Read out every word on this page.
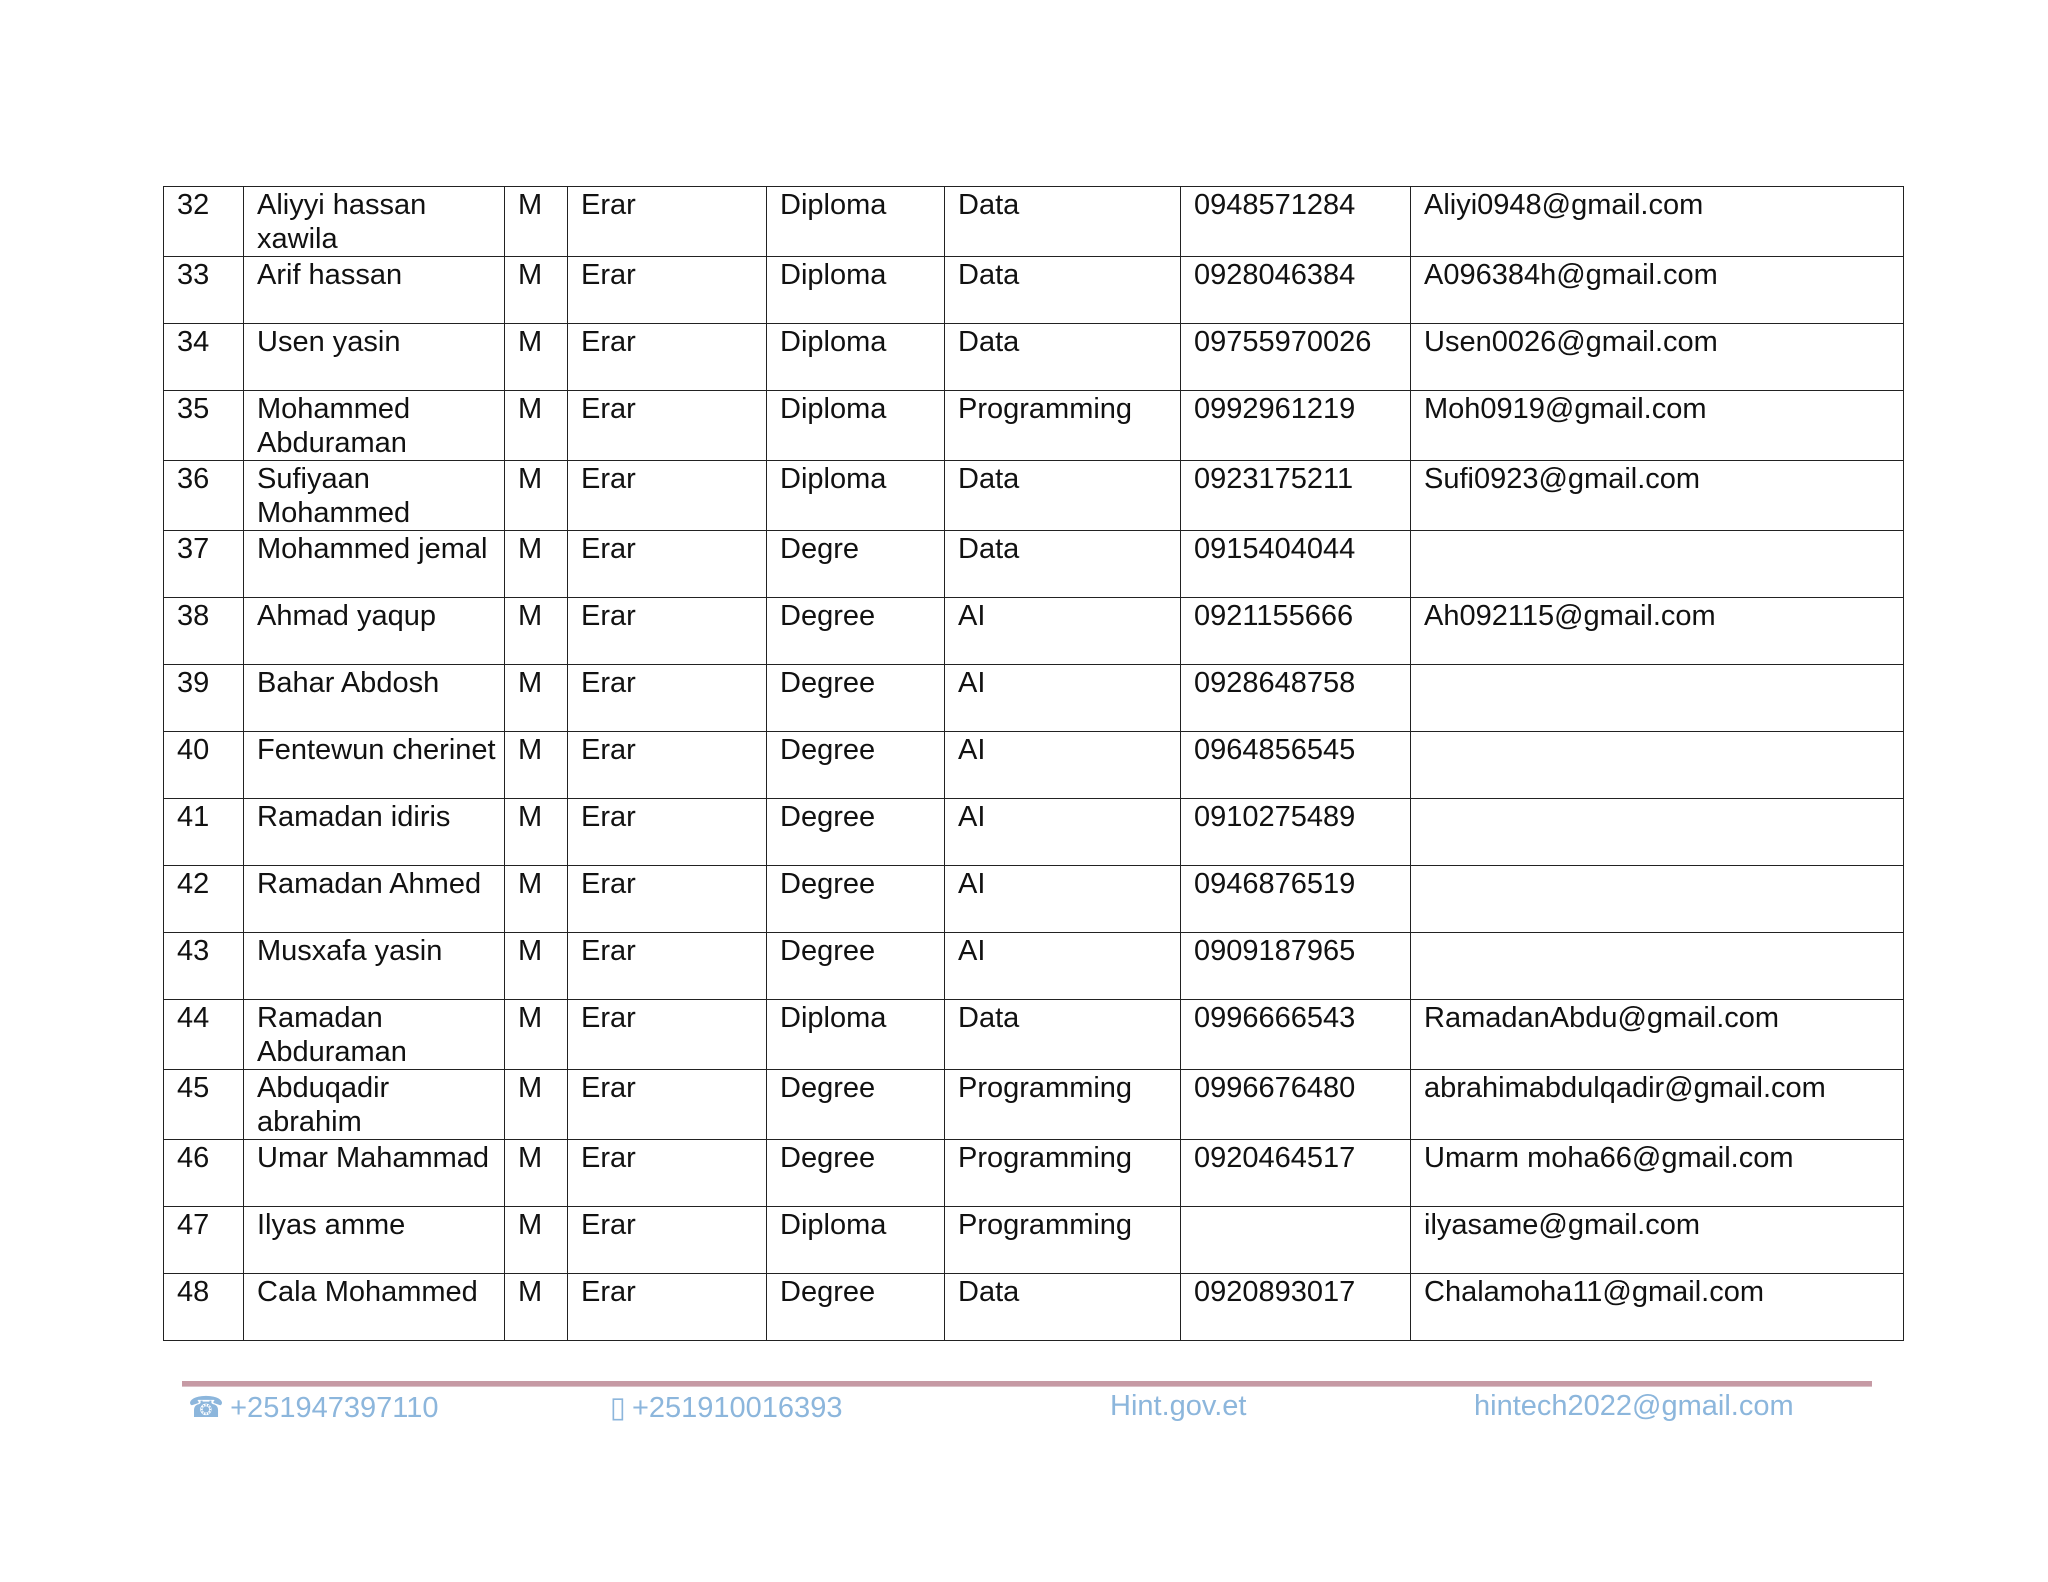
32	Aliyyi hassan xawila	M	Erar	Diploma	Data	0948571284	Aliyi0948@gmail.com
33	Arif hassan	M	Erar	Diploma	Data	0928046384	A096384h@gmail.com
34	Usen yasin	M	Erar	Diploma	Data	09755970026	Usen0026@gmail.com
35	Mohammed Abduraman	M	Erar	Diploma	Programming	0992961219	Moh0919@gmail.com
36	Sufiyaan Mohammed	M	Erar	Diploma	Data	0923175211	Sufi0923@gmail.com
37	Mohammed jemal	M	Erar	Degre	Data	0915404044	
38	Ahmad yaqup	M	Erar	Degree	AI	0921155666	Ah092115@gmail.com
39	Bahar Abdosh	M	Erar	Degree	AI	0928648758	
40	Fentewun cherinet	M	Erar	Degree	AI	0964856545	
41	Ramadan idiris	M	Erar	Degree	AI	0910275489	
42	Ramadan Ahmed	M	Erar	Degree	AI	0946876519	
43	Musxafa yasin	M	Erar	Degree	AI	0909187965	
44	Ramadan Abduraman	M	Erar	Diploma	Data	0996666543	RamadanAbdu@gmail.com
45	Abduqadir abrahim	M	Erar	Degree	Programming	0996676480	abrahimabdulqadir@gmail.com
46	Umar Mahammad	M	Erar	Degree	Programming	0920464517	Umarm moha66@gmail.com
47	Ilyas amme	M	Erar	Diploma	Programming		ilyasame@gmail.com
48	Cala Mohammed	M	Erar	Degree	Data	0920893017	Chalamoha11@gmail.com
☎ +251947397110	▯ +251910016393	Hint.gov.et	hintech2022@gmail.com
